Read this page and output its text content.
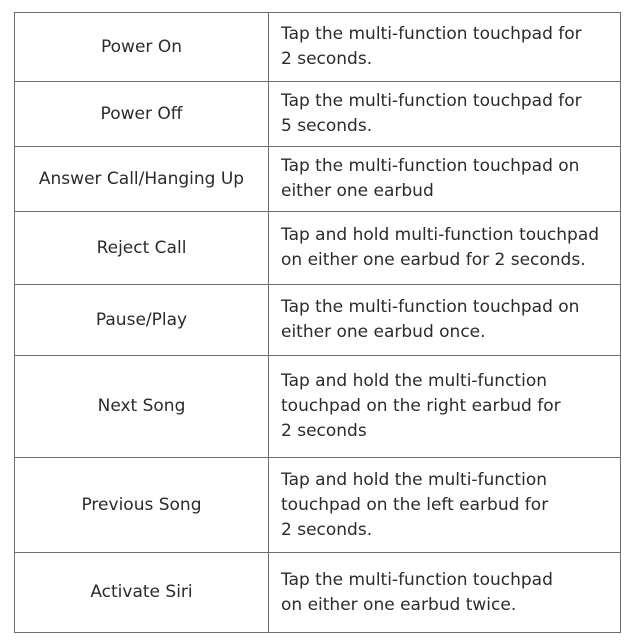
Power On	Tap the multi-function touchpad for
2 seconds.

Power Off	Tap the multi-function touchpad for
5 seconds.

Answer Call/Hanging Up	Tap the multi-function touchpad on
either one earbud

Reject Call	Tap and hold multi-function touchpad
on either one earbud for 2 seconds.

Pause/Play	Tap the multi-function touchpad on
either one earbud once.

Next Song	Tap and hold the multi-function
touchpad on the right earbud for
2 seconds

Previous Song	Tap and hold the multi-function
touchpad on the left earbud for
2 seconds.

Activate Siri	Tap the multi-function touchpad
on either one earbud twice.
